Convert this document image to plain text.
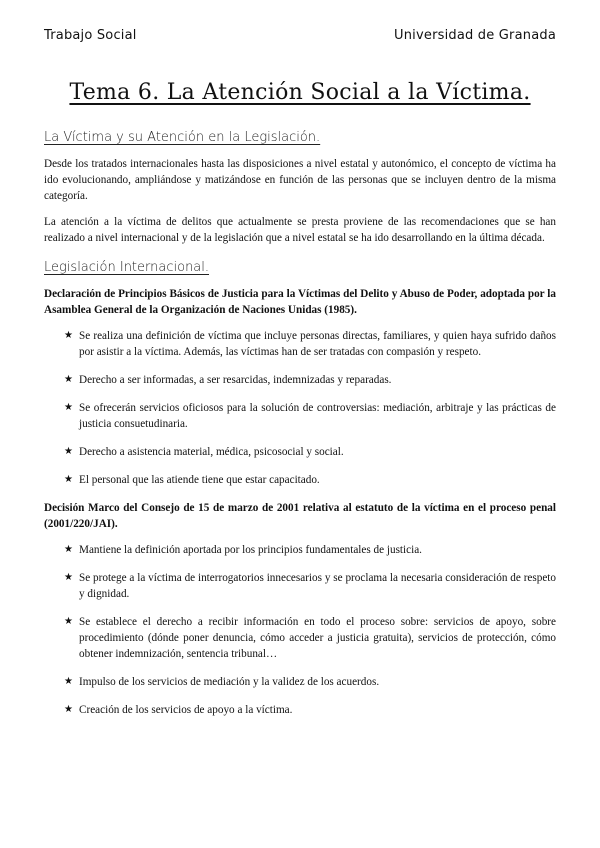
Trabajo Social	Universidad de Granada
Tema 6. La Atención Social a la Víctima.
La Víctima y su Atención en la Legislación.

Desde los tratados internacionales hasta las disposiciones a nivel estatal y autonómico, el concepto de víctima ha ido evolucionando, ampliándose y matizándose en función de las personas que se incluyen dentro de la misma categoría.

La atención a la víctima de delitos que actualmente se presta proviene de las recomendaciones que se han realizado a nivel internacional y de la legislación que a nivel estatal se ha ido desarrollando en la última década.

Legislación Internacional.

Declaración de Principios Básicos de Justicia para la Víctimas del Delito y Abuso de Poder, adoptada por la Asamblea General de la Organización de Naciones Unidas (1985).

★ Se realiza una definición de víctima que incluye personas directas, familiares, y quien haya sufrido daños por asistir a la víctima. Además, las víctimas han de ser tratadas con compasión y respeto.
★ Derecho a ser informadas, a ser resarcidas, indemnizadas y reparadas.
★ Se ofrecerán servicios oficiosos para la solución de controversias: mediación, arbitraje y las prácticas de justicia consuetudinaria.
★ Derecho a asistencia material, médica, psicosocial y social.
★ El personal que las atiende tiene que estar capacitado.

Decisión Marco del Consejo de 15 de marzo de 2001 relativa al estatuto de la víctima en el proceso penal (2001/220/JAI).

★ Mantiene la definición aportada por los principios fundamentales de justicia.
★ Se protege a la víctima de interrogatorios innecesarios y se proclama la necesaria consideración de respeto y dignidad.
★ Se establece el derecho a recibir información en todo el proceso sobre: servicios de apoyo, sobre procedimiento (dónde poner denuncia, cómo acceder a justicia gratuita), servicios de protección, cómo obtener indemnización, sentencia tribunal…
★ Impulso de los servicios de mediación y la validez de los acuerdos.
★ Creación de los servicios de apoyo a la víctima.
